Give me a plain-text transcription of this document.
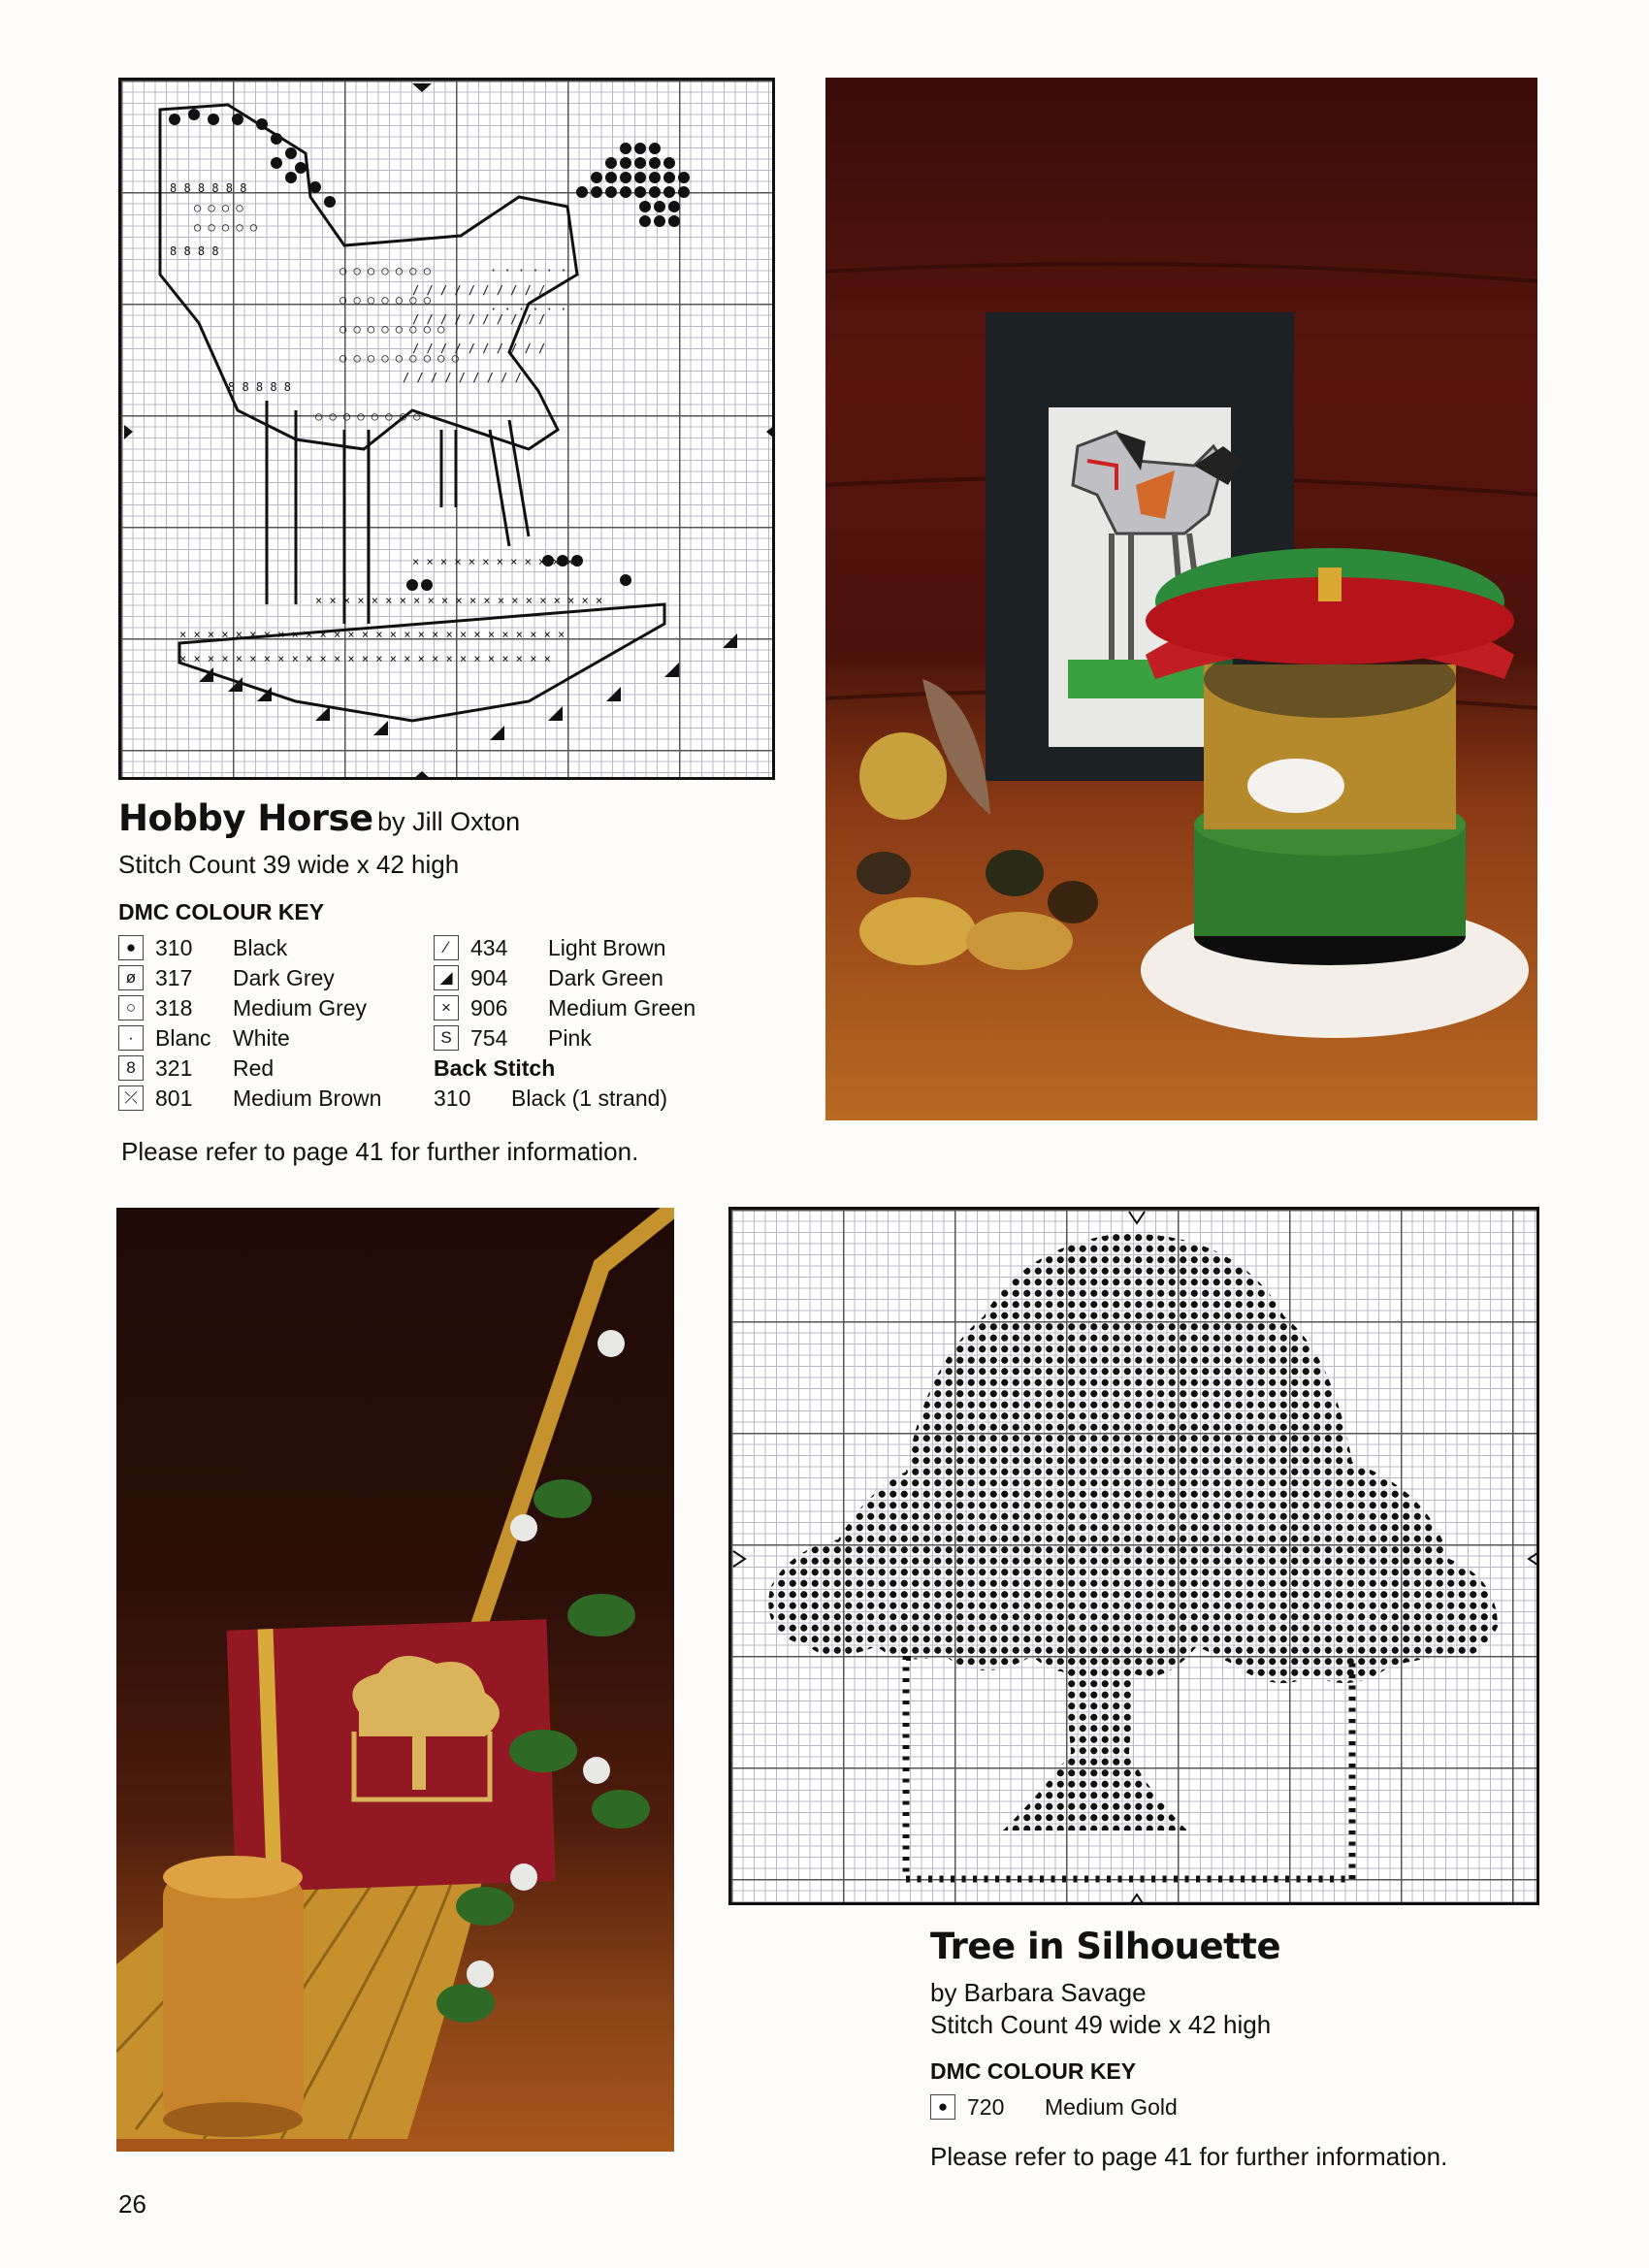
8 8 8 8 8 8
8 8 8 8
8 8 8 8 8
○ ○ ○ ○
○ ○ ○ ○ ○
○ ○ ○ ○ ○ ○ ○
○ ○ ○ ○ ○ ○ ○
○ ○ ○ ○ ○ ○ ○ ○
○ ○ ○ ○ ○ ○ ○ ○ ○
○ ○ ○ ○ ○ ○ ○ ○
/ / / / / / / / / /
/ / / / / / / / / /
/ / / / / / / / / /
/ / / / / / / / /
· · · · · ·
· · · · · ·
× × × × × × × × × × × ×
× × × × × × × × × × × × × × × × × × × × × × × × × × × ×
× × × × × × × × × × × × × × × × × × × × × × × × × × ×
× × × × × × × × × × × × × × × × × × × × ×
Hobby Horse by Jill Oxton
Stitch Count 39 wide x 42 high
DMC COLOUR KEY
● 310	Black
ø 317	Dark Grey
○ 318	Medium Grey
· Blanc White
8 321	Red
⤫ 801	Medium Brown
⁄	434	Light Brown
◢ 904	Dark Green
× 906	Medium Green
S 754	Pink
Back Stitch
310	Black (1 strand)
Please refer to page 41 for further information.
Tree in Silhouette
by Barbara Savage
Stitch Count 49 wide x 42 high
DMC COLOUR KEY
● 720	Medium Gold
Please refer to page 41 for further information.
26
